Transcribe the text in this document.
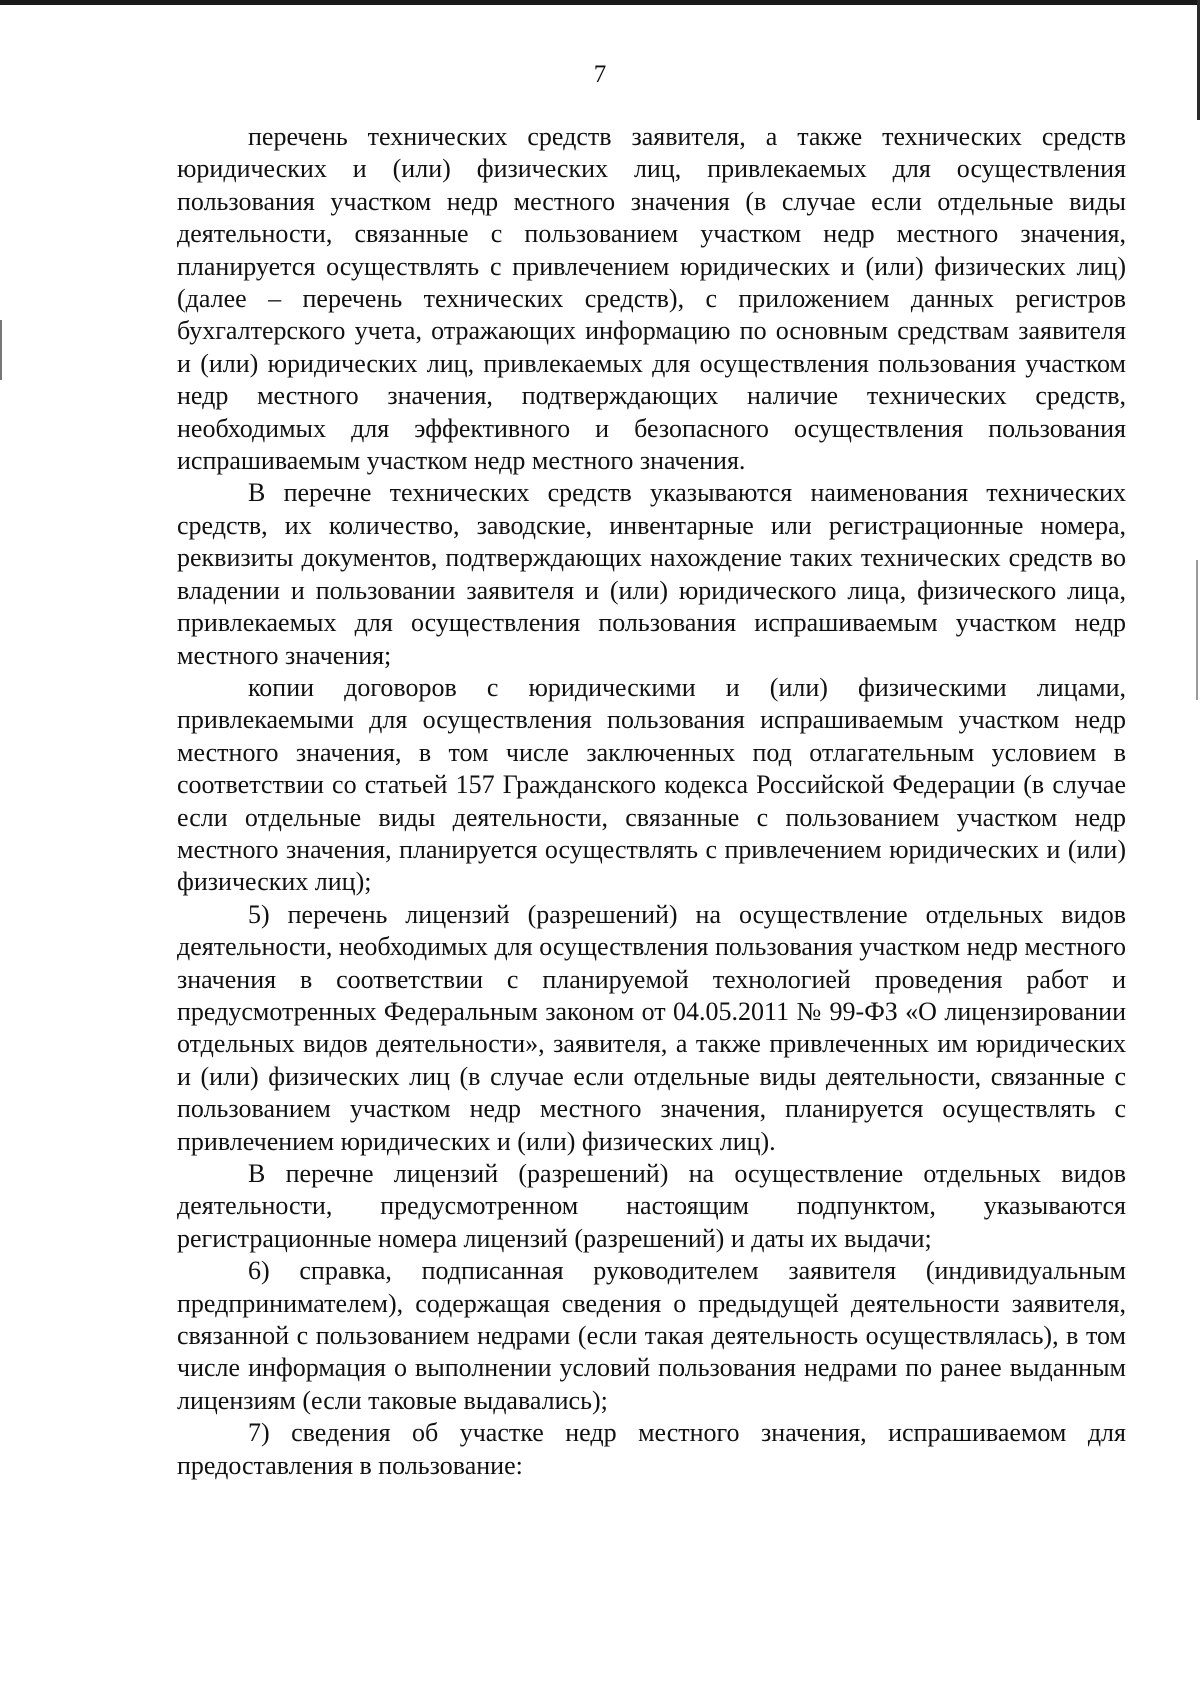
7

перечень технических средств заявителя, а также технических средств юридических и (или) физических лиц, привлекаемых для осуществления пользования участком недр местного значения (в случае если отдельные виды деятельности, связанные с пользованием участком недр местного значения, планируется осуществлять с привлечением юридических и (или) физических лиц) (далее – перечень технических средств), с приложением данных регистров бухгалтерского учета, отражающих информацию по основным средствам заявителя и (или) юридических лиц, привлекаемых для осуществления пользования участком недр местного значения, подтверждающих наличие технических средств, необходимых для эффективного и безопасного осуществления пользования испрашиваемым участком недр местного значения.

В перечне технических средств указываются наименования технических средств, их количество, заводские, инвентарные или регистрационные номера, реквизиты документов, подтверждающих нахождение таких технических средств во владении и пользовании заявителя и (или) юридического лица, физического лица, привлекаемых для осуществления пользования испрашиваемым участком недр местного значения;

копии договоров с юридическими и (или) физическими лицами, привлекаемыми для осуществления пользования испрашиваемым участком недр местного значения, в том числе заключенных под отлагательным условием в соответствии со статьей 157 Гражданского кодекса Российской Федерации (в случае если отдельные виды деятельности, связанные с пользованием участком недр местного значения, планируется осуществлять с привлечением юридических и (или) физических лиц);

5) перечень лицензий (разрешений) на осуществление отдельных видов деятельности, необходимых для осуществления пользования участком недр местного значения в соответствии с планируемой технологией проведения работ и предусмотренных Федеральным законом от 04.05.2011 № 99-ФЗ «О лицензировании отдельных видов деятельности», заявителя, а также привлеченных им юридических и (или) физических лиц (в случае если отдельные виды деятельности, связанные с пользованием участком недр местного значения, планируется осуществлять с привлечением юридических и (или) физических лиц).

В перечне лицензий (разрешений) на осуществление отдельных видов деятельности, предусмотренном настоящим подпунктом, указываются регистрационные номера лицензий (разрешений) и даты их выдачи;

6) справка, подписанная руководителем заявителя (индивидуальным предпринимателем), содержащая сведения о предыдущей деятельности заявителя, связанной с пользованием недрами (если такая деятельность осуществлялась), в том числе информация о выполнении условий пользования недрами по ранее выданным лицензиям (если таковые выдавались);

7) сведения об участке недр местного значения, испрашиваемом для предоставления в пользование:
